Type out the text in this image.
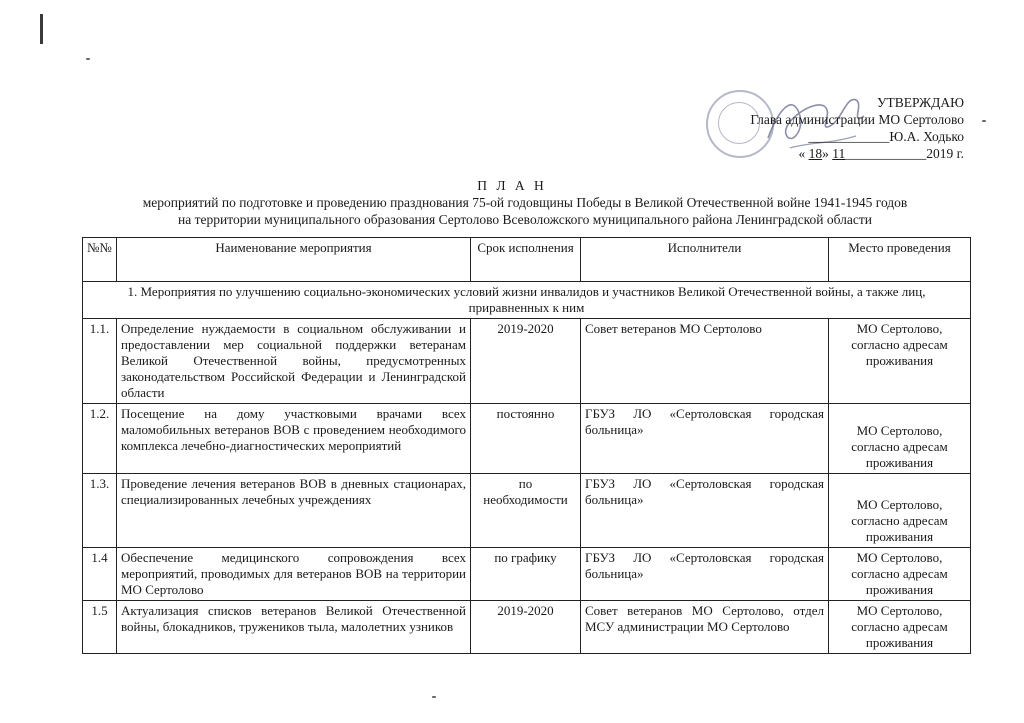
УТВЕРЖДАЮ
Глава администрации МО Сертолово
____________Ю.А. Ходько
« 18» 11____________2019 г.
П Л А Н
мероприятий по подготовке и проведению празднования 75-ой годовщины Победы в Великой Отечественной войне 1941-1945 годов
на территории муниципального образования Сертолово Всеволожского муниципального района Ленинградской области
№№	Наименование мероприятия	Срок исполнения	Исполнители	Место проведения
1. Мероприятия по улучшению социально-экономических условий жизни инвалидов и участников Великой Отечественной войны, а также лиц, приравненных к ним				
1.1.	Определение нуждаемости в социальном обслуживании и предоставлении мер социальной поддержки ветеранам Великой Отечественной войны, предусмотренных законодательством Российской Федерации и Ленинградской области	2019-2020	Совет ветеранов МО Сертолово	МО Сертолово, согласно адресам проживания
1.2.	Посещение на дому участковыми врачами всех маломобильных ветеранов ВОВ с проведением необходимого комплекса лечебно-диагностических мероприятий	постоянно	ГБУЗ ЛО «Сертоловская городская больница»	МО Сертолово, согласно адресам проживания
1.3.	Проведение лечения ветеранов ВОВ в дневных стационарах, специализированных лечебных учреждениях	по необходимости	ГБУЗ ЛО «Сертоловская городская больница»	МО Сертолово, согласно адресам проживания
1.4	Обеспечение медицинского сопровождения всех мероприятий, проводимых для ветеранов ВОВ на территории МО Сертолово	по графику	ГБУЗ ЛО «Сертоловская городская больница»	МО Сертолово, согласно адресам проживания
1.5	Актуализация списков ветеранов Великой Отечественной войны, блокадников, тружеников тыла, малолетних узников	2019-2020	Совет ветеранов МО Сертолово, отдел МСУ администрации МО Сертолово	МО Сертолово, согласно адресам проживания
